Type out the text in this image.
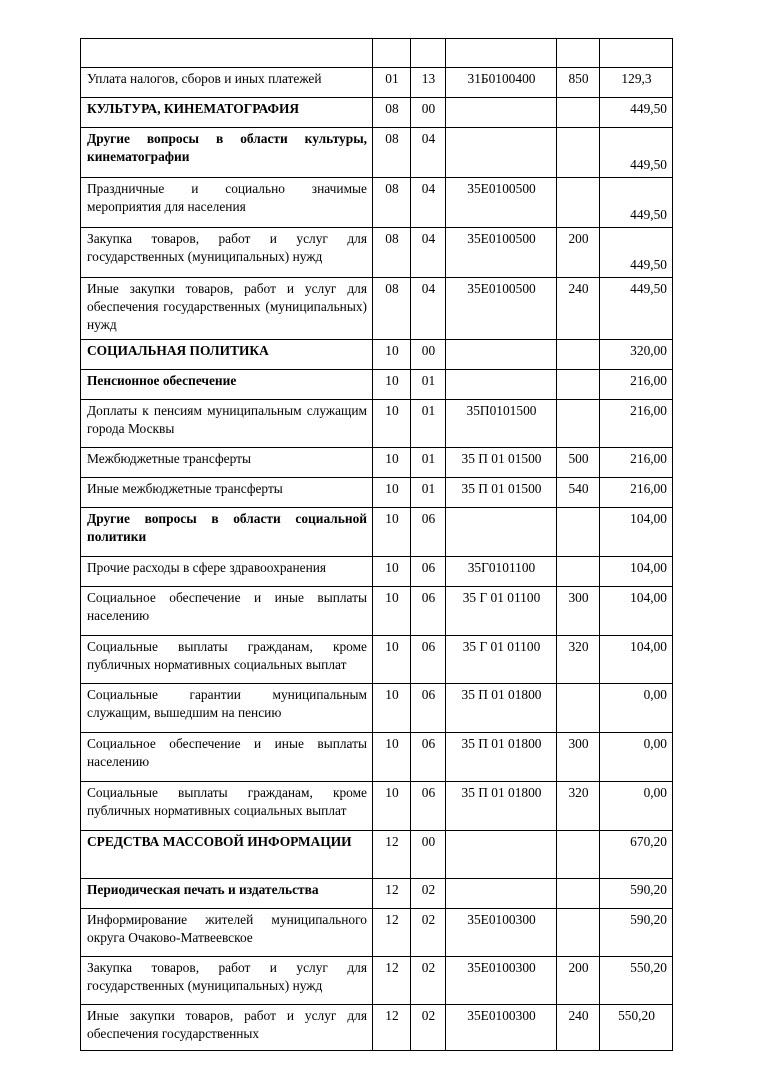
Уплата налогов, сборов и иных платежей	01	13	31Б0100400	850	129,3
КУЛЬТУРА, КИНЕМАТОГРАФИЯ	08	00			449,50
Другие вопросы в области культуры, кинематографии	08	04			449,50
Праздничные и социально значимые мероприятия для населения	08	04	35Е0100500		449,50
Закупка товаров, работ и услуг для государственных (муниципальных) нужд	08	04	35Е0100500	200	449,50
Иные закупки товаров, работ и услуг для обеспечения государственных (муниципальных) нужд	08	04	35Е0100500	240	449,50
СОЦИАЛЬНАЯ ПОЛИТИКА	10	00			320,00
Пенсионное обеспечение	10	01			216,00
Доплаты к пенсиям муниципальным служащим города Москвы	10	01	35П0101500		216,00
Межбюджетные трансферты	10	01	35 П 01 01500	500	216,00
Иные межбюджетные трансферты	10	01	35 П 01 01500	540	216,00
Другие вопросы в области социальной политики	10	06			104,00
Прочие расходы в сфере здравоохранения	10	06	35Г0101100		104,00
Социальное обеспечение и иные выплаты населению	10	06	35 Г 01 01100	300	104,00
Социальные выплаты гражданам, кроме публичных нормативных социальных выплат	10	06	35 Г 01 01100	320	104,00
Социальные гарантии муниципальным служащим, вышедшим на пенсию	10	06	35 П 01 01800		0,00
Социальное обеспечение и иные выплаты населению	10	06	35 П 01 01800	300	0,00
Социальные выплаты гражданам, кроме публичных нормативных социальных выплат	10	06	35 П 01 01800	320	0,00
СРЕДСТВА МАССОВОЙ ИНФОРМАЦИИ	12	00			670,20
Периодическая печать и издательства	12	02			590,20
Информирование жителей муниципального округа Очаково-Матвеевское	12	02	35Е0100300		590,20
Закупка товаров, работ и услуг для государственных (муниципальных) нужд	12	02	35Е0100300	200	550,20
Иные закупки товаров, работ и услуг для обеспечения государственных	12	02	35Е0100300	240	550,20
